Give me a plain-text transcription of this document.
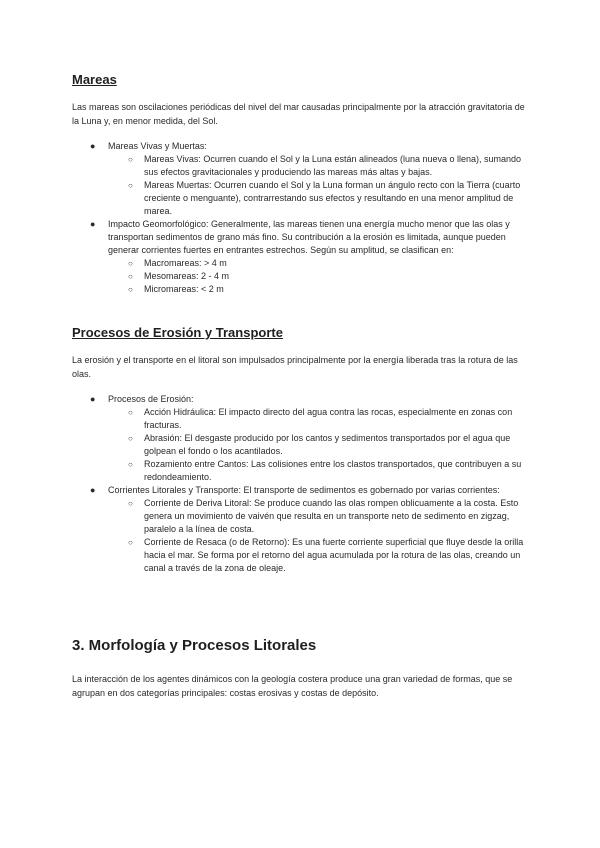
Mareas

Las mareas son oscilaciones periódicas del nivel del mar causadas principalmente por la atracción gravitatoria de la Luna y, en menor medida, del Sol.

● Mareas Vivas y Muertas:
○ Mareas Vivas: Ocurren cuando el Sol y la Luna están alineados (luna nueva o llena), sumando sus efectos gravitacionales y produciendo las mareas más altas y bajas.
○ Mareas Muertas: Ocurren cuando el Sol y la Luna forman un ángulo recto con la Tierra (cuarto creciente o menguante), contrarrestando sus efectos y resultando en una menor amplitud de marea.
● Impacto Geomorfológico: Generalmente, las mareas tienen una energía mucho menor que las olas y transportan sedimentos de grano más fino. Su contribución a la erosión es limitada, aunque pueden generar corrientes fuertes en entrantes estrechos. Según su amplitud, se clasifican en:
○ Macromareas: > 4 m
○ Mesomareas: 2 - 4 m
○ Micromareas: < 2 m
Procesos de Erosión y Transporte

La erosión y el transporte en el litoral son impulsados principalmente por la energía liberada tras la rotura de las olas.

● Procesos de Erosión:
○ Acción Hidráulica: El impacto directo del agua contra las rocas, especialmente en zonas con fracturas.
○ Abrasión: El desgaste producido por los cantos y sedimentos transportados por el agua que golpean el fondo o los acantilados.
○ Rozamiento entre Cantos: Las colisiones entre los clastos transportados, que contribuyen a su redondeamiento.
● Corrientes Litorales y Transporte: El transporte de sedimentos es gobernado por varias corrientes:
○ Corriente de Deriva Litoral: Se produce cuando las olas rompen oblicuamente a la costa. Esto genera un movimiento de vaivén que resulta en un transporte neto de sedimento en zigzag, paralelo a la línea de costa.
○ Corriente de Resaca (o de Retorno): Es una fuerte corriente superficial que fluye desde la orilla hacia el mar. Se forma por el retorno del agua acumulada por la rotura de las olas, creando un canal a través de la zona de oleaje.
3. Morfología y Procesos Litorales

La interacción de los agentes dinámicos con la geología costera produce una gran variedad de formas, que se agrupan en dos categorías principales: costas erosivas y costas de depósito.
